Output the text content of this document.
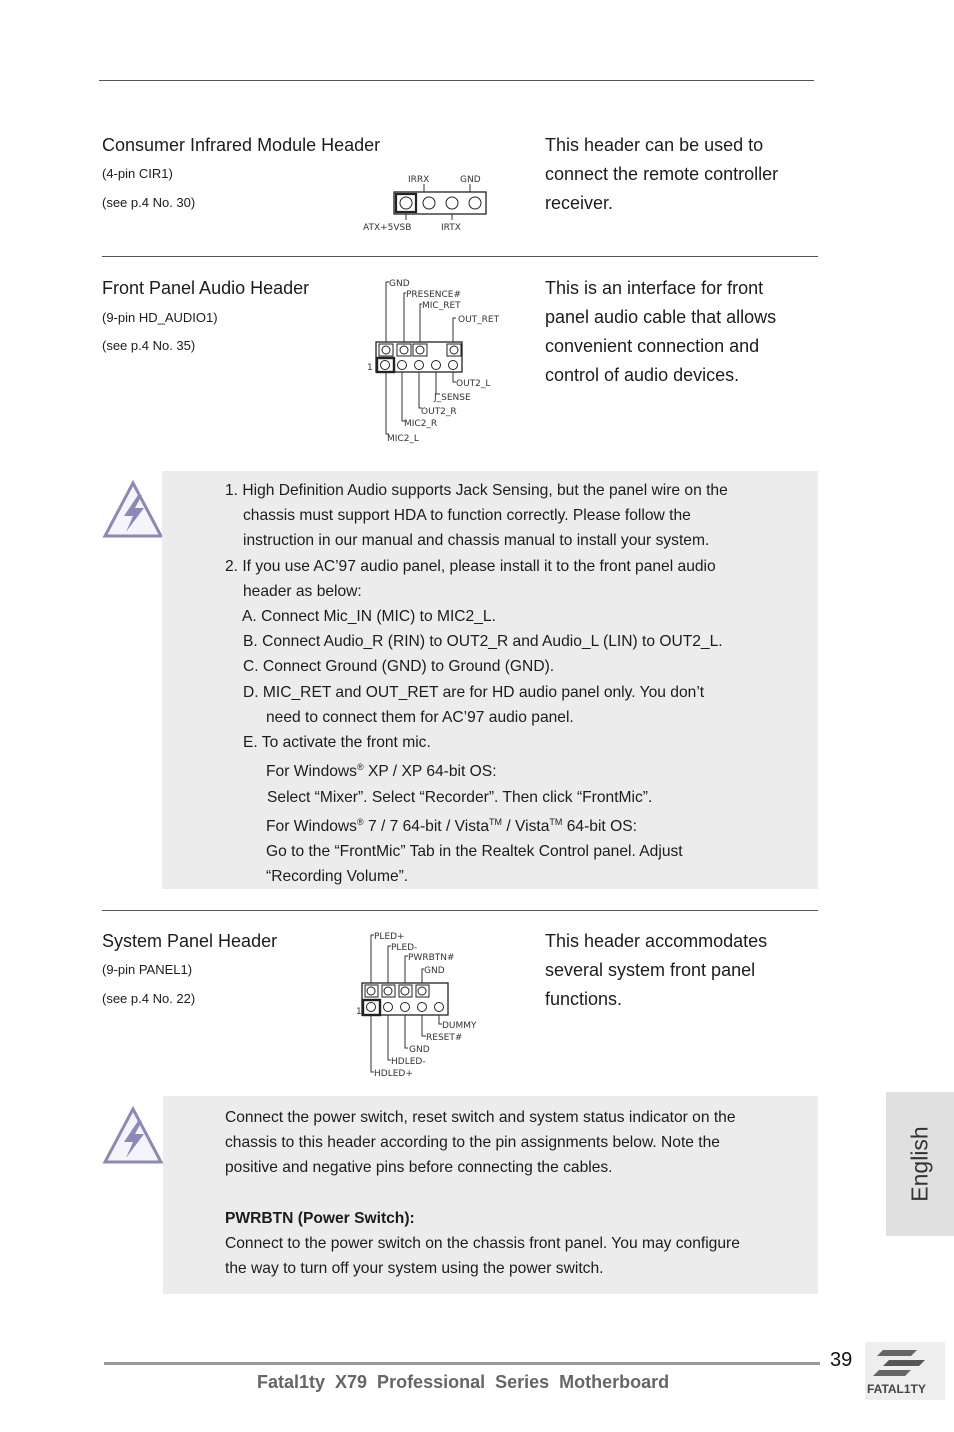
Consumer Infrared Module Header
(4-pin CIR1)
(see p.4 No. 30)
IRRX	GND
ATX+5VSB	IRTX
This header can be used to
connect the remote controller
receiver.
Front Panel Audio Header
(9-pin HD_AUDIO1)
(see p.4 No. 35)
GND
PRESENCE#
MIC_RET
OUT_RET
1
OUT2_L
J_SENSE
OUT2_R
MIC2_R
MIC2_L
This is an interface for front
panel audio cable that allows
convenient connection and
control of audio devices.
1. High Definition Audio supports Jack Sensing, but the panel wire on the
chassis must support HDA to function correctly. Please follow the
instruction in our manual and chassis manual to install your system.
2. If you use AC’97 audio panel, please install it to the front panel audio
header as below:
A. Connect Mic_IN (MIC) to MIC2_L.
B. Connect Audio_R (RIN) to OUT2_R and Audio_L (LIN) to OUT2_L.
C. Connect Ground (GND) to Ground (GND).
D. MIC_RET and OUT_RET are for HD audio panel only. You don’t
need to connect them for AC’97 audio panel.
E. To activate the front mic.
For Windows® XP / XP 64-bit OS:
Select “Mixer”. Select “Recorder”. Then click “FrontMic”.
For Windows® 7 / 7 64-bit / Vista™ / Vista™ 64-bit OS:
Go to the “FrontMic” Tab in the Realtek Control panel. Adjust
“Recording Volume”.
System Panel Header
(9-pin PANEL1)
(see p.4 No. 22)
PLED+
PLED-
PWRBTN#
GND
1
DUMMY
RESET#
GND
HDLED-
HDLED+
This header accommodates
several system front panel
functions.
Connect the power switch, reset switch and system status indicator on the
chassis to this header according to the pin assignments below. Note the
positive and negative pins before connecting the cables.
PWRBTN (Power Switch):
Connect to the power switch on the chassis front panel. You may configure
the way to turn off your system using the power switch.
English
39
Fatal1ty  X79  Professional  Series  Motherboard	FATAL1TY
